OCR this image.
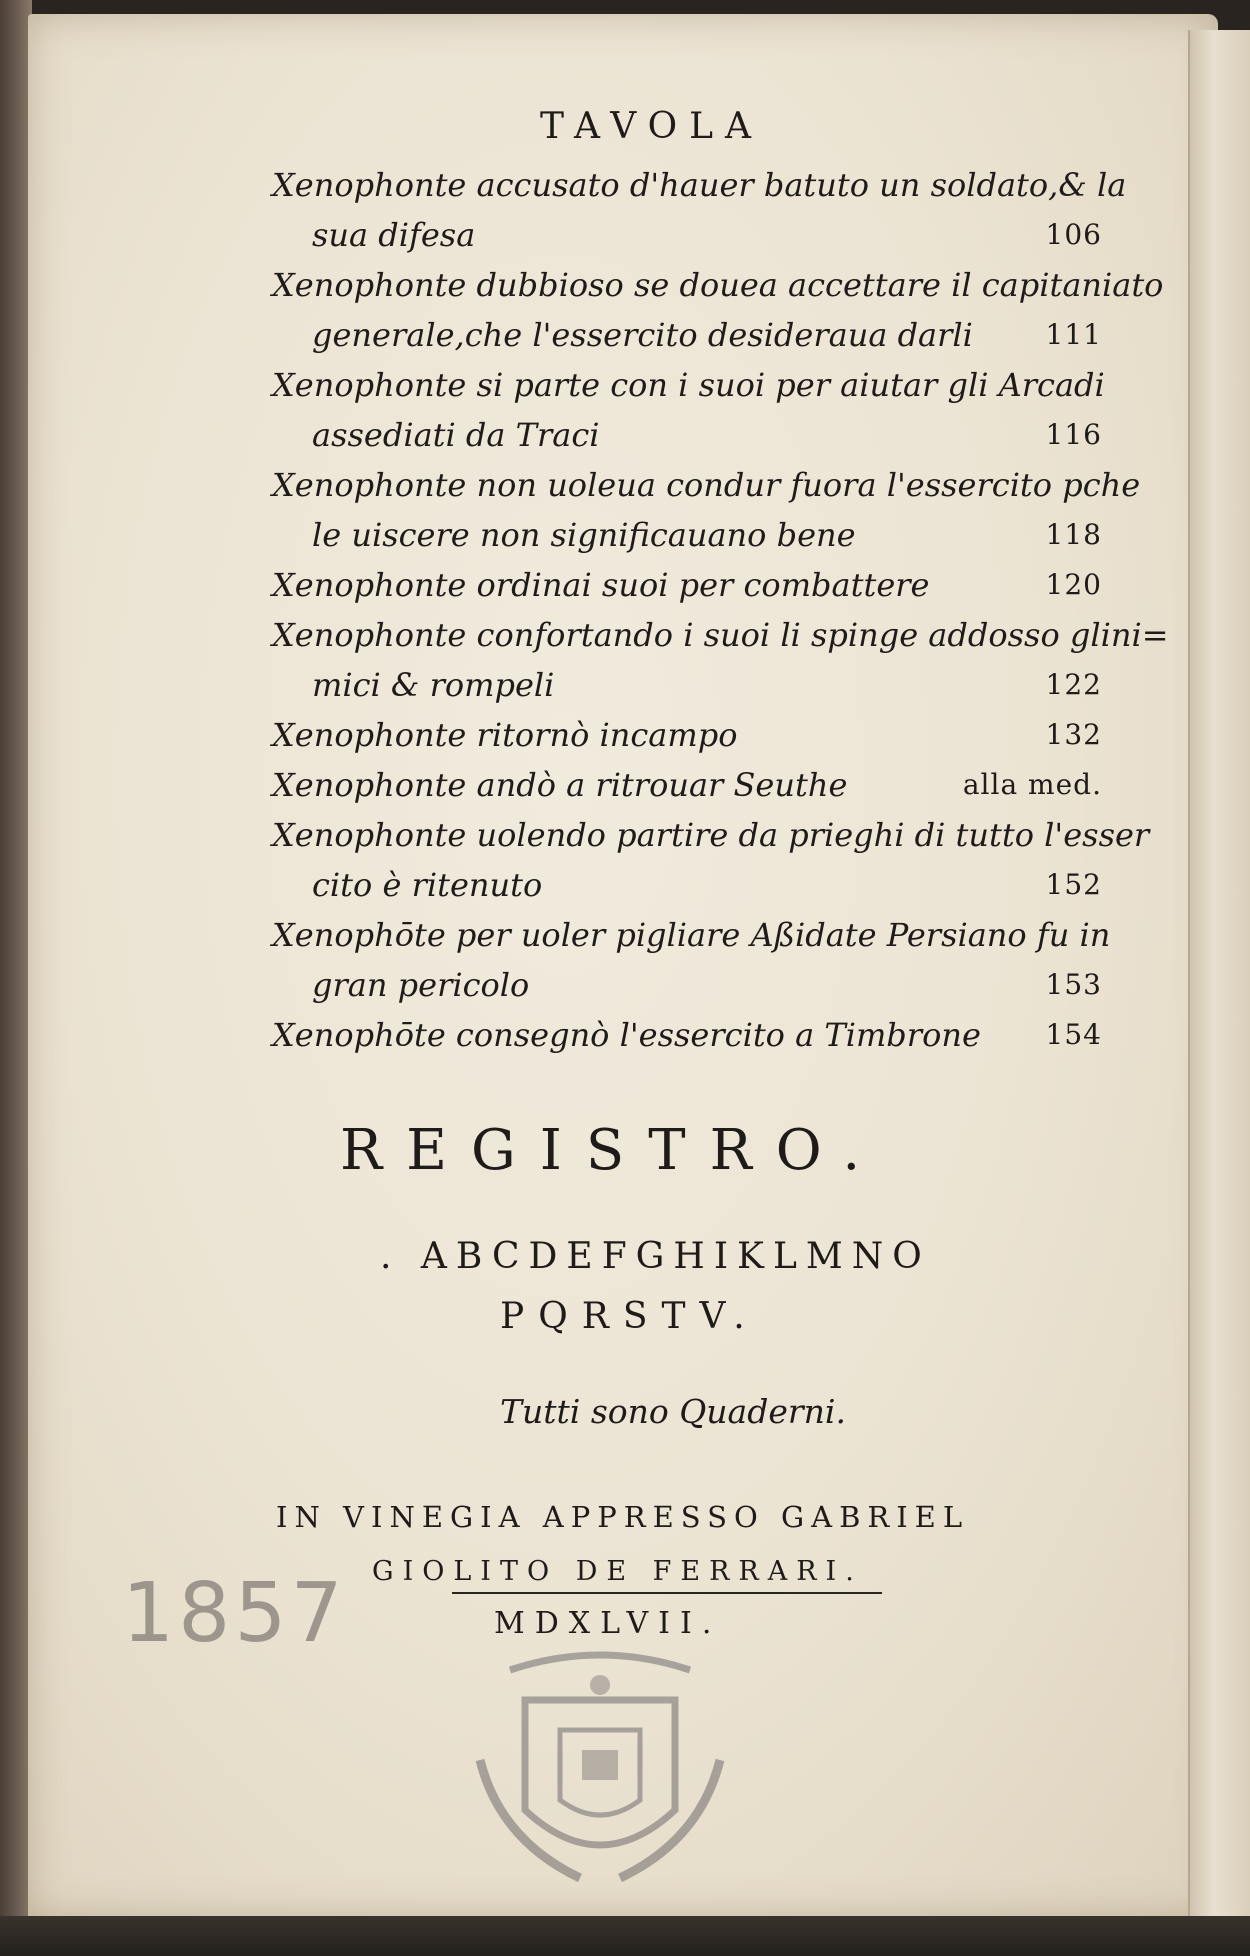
TAVOLA
Xenophonte accusato d'hauer batuto un soldato,& la
sua difesa	106
Xenophonte dubbioso se douea accettare il capitaniato
generale,che l'essercito desideraua darli	111
Xenophonte si parte con i suoi per aiutar gli Arcadi
assediati da Traci	116
Xenophonte non uoleua condur fuora l'essercito pche
le uiscere non significauano bene	118
Xenophonte ordinai suoi per combattere	120
Xenophonte confortando i suoi li spinge addosso glini=
mici & rompeli	122
Xenophonte ritornò incampo	132
Xenophonte andò a ritrouar Seuthe	alla med.
Xenophonte uolendo partire da prieghi di tutto l'esser
cito è ritenuto	152
Xenophōte per uoler pigliare Aßidate Persiano fu in
gran pericolo	153
Xenophōte consegnò l'essercito a Timbrone	154
REGISTRO.
. ABCDEFGHIKLMNO
PQRSTV.
Tutti sono Quaderni.
IN VINEGIA APPRESSO GABRIEL
GIOLITO DE FERRARI.
MDXLVII.
1857
